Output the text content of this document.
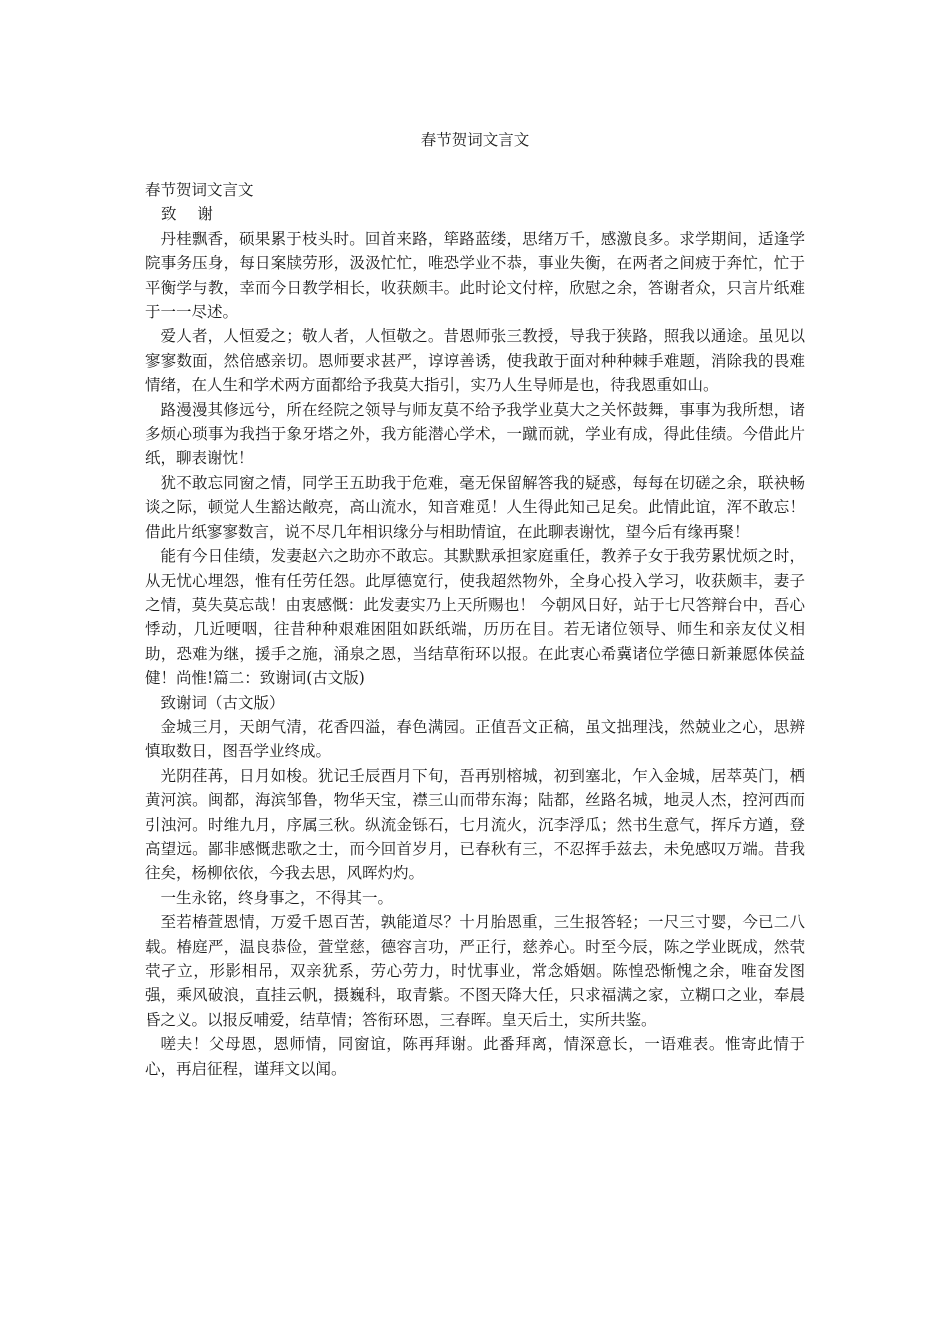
春节贺词文言文

春节贺词文言文

致 谢

丹桂飘香，硕果累于枝头时。回首来路，筚路蓝缕，思绪万千，感激良多。求学期间，适逢学院事务压身，每日案牍劳形，汲汲忙忙，唯恐学业不恭，事业失衡，在两者之间疲于奔忙，忙于平衡学与教，幸而今日教学相长，收获颇丰。此时论文付梓，欣慰之余，答谢者众，只言片纸难于一一尽述。

爱人者，人恒爱之；敬人者，人恒敬之。昔恩师张三教授，导我于狭路，照我以通途。虽见以寥寥数面，然倍感亲切。恩师要求甚严，谆谆善诱，使我敢于面对种种棘手难题，消除我的畏难情绪，在人生和学术两方面都给予我莫大指引，实乃人生导师是也，待我恩重如山。

路漫漫其修远兮，所在经院之领导与师友莫不给予我学业莫大之关怀鼓舞，事事为我所想，诸多烦心琐事为我挡于象牙塔之外，我方能潜心学术，一蹴而就，学业有成，得此佳绩。今借此片纸，聊表谢忱！

犹不敢忘同窗之情，同学王五助我于危难，毫无保留解答我的疑惑，每每在切磋之余，联袂畅谈之际，顿觉人生豁达敞亮，高山流水，知音难觅！人生得此知己足矣。此情此谊，浑不敢忘！借此片纸寥寥数言，说不尽几年相识缘分与相助情谊，在此聊表谢忱，望今后有缘再聚！

能有今日佳绩，发妻赵六之助亦不敢忘。其默默承担家庭重任，教养子女于我劳累忧烦之时，从无忧心埋怨，惟有任劳任怨。此厚德宽行，使我超然物外，全身心投入学习，收获颇丰，妻子之情，莫失莫忘哉！由衷感慨：此发妻实乃上天所赐也！ 今朝风日好，站于七尺答辩台中，吾心悸动，几近哽咽，往昔种种艰难困阻如跃纸端，历历在目。若无诸位领导、师生和亲友仗义相助，恐难为继，援手之施，涌泉之恩，当结草衔环以报。在此衷心希冀诸位学德日新兼愿体侯益健！尚惟!篇二：致谢词(古文版)

致谢词（古文版）

金城三月，天朗气清，花香四溢，春色满园。正值吾文正稿，虽文拙理浅，然兢业之心，思辨慎取数日，图吾学业终成。

光阴荏苒，日月如梭。犹记壬辰酉月下旬，吾再别榕城，初到塞北，乍入金城，居萃英门，栖黄河滨。闽都，海滨邹鲁，物华天宝，襟三山而带东海；陆都，丝路名城，地灵人杰，控河西而引浊河。时维九月，序属三秋。纵流金铄石，七月流火，沉李浮瓜；然书生意气，挥斥方遒，登高望远。鄙非感慨悲歌之士，而今回首岁月，已春秋有三，不忍挥手兹去，未免感叹万端。昔我往矣，杨柳依依，今我去思，风晖灼灼。

一生永铭，终身事之，不得其一。

至若椿萱恩情，万爱千恩百苦，孰能道尽？十月胎恩重，三生报答轻；一尺三寸婴，今已二八载。椿庭严，温良恭俭，萱堂慈，德容言功，严正行，慈养心。时至今辰，陈之学业既成，然茕茕孑立，形影相吊，双亲犹系，劳心劳力，时忧事业，常念婚姻。陈惶恐惭愧之余，唯奋发图强，乘风破浪，直挂云帆，摄巍科，取青紫。不图天降大任，只求福满之家，立糊口之业，奉晨昏之义。以报反哺爱，结草情；答衔环恩，三春晖。皇天后土，实所共鉴。

嗟夫！父母恩，恩师情，同窗谊，陈再拜谢。此番拜离，情深意长，一语难表。惟寄此情于心，再启征程，谨拜文以闻。
